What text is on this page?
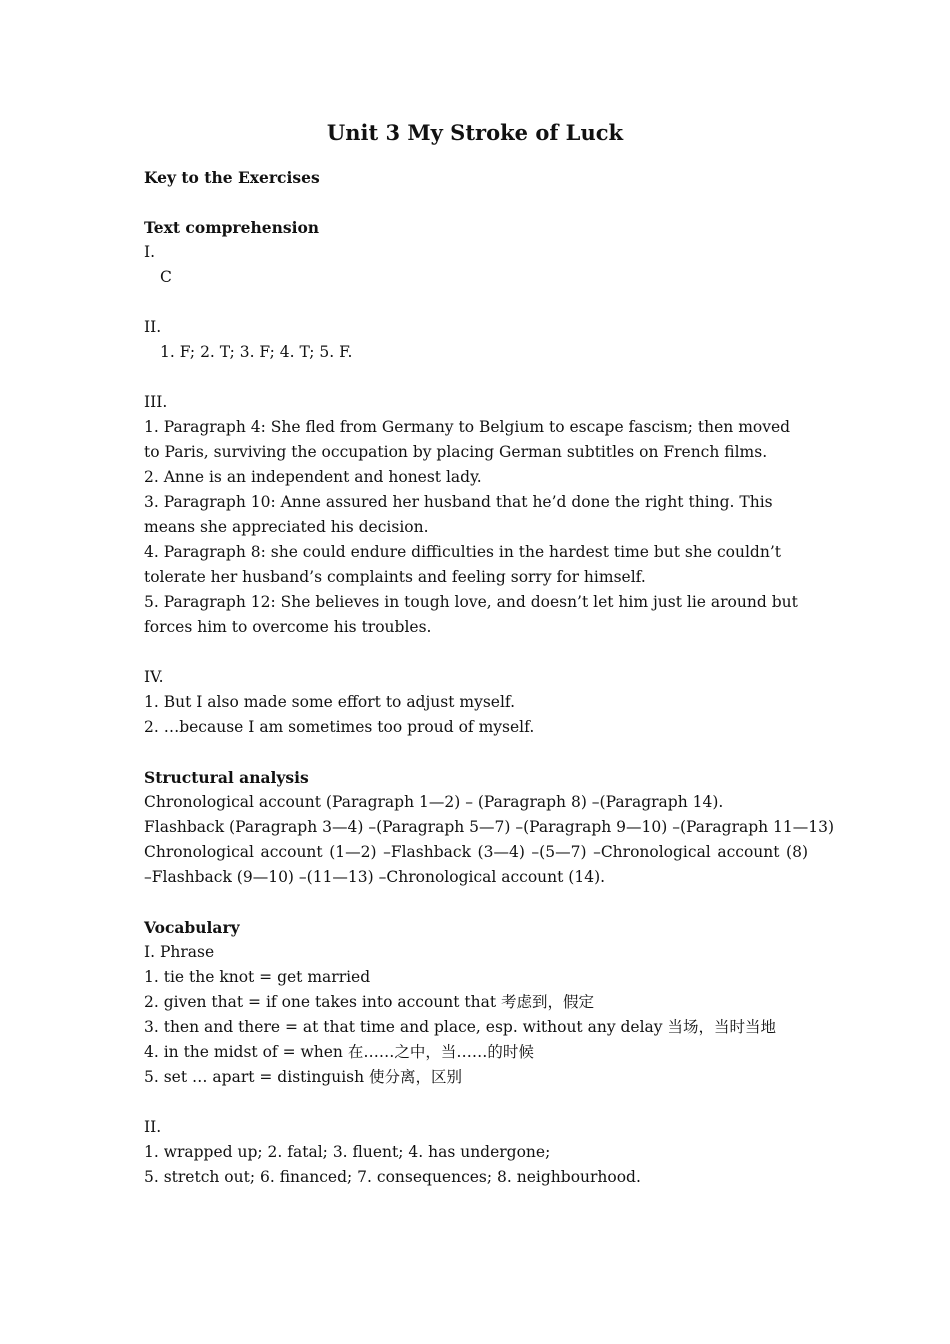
Unit 3 My Stroke of Luck
Key to the Exercises
Text comprehension
I.
C
II.
1. F; 2. T; 3. F; 4. T; 5. F.
III.
1. Paragraph 4: She fled from Germany to Belgium to escape fascism; then moved to Paris, surviving the occupation by placing German subtitles on French films.
2. Anne is an independent and honest lady.
3. Paragraph 10: Anne assured her husband that he’d done the right thing. This means she appreciated his decision.
4. Paragraph 8: she could endure difficulties in the hardest time but she couldn’t tolerate her husband’s complaints and feeling sorry for himself.
5. Paragraph 12: She believes in tough love, and doesn’t let him just lie around but forces him to overcome his troubles.
IV.
1. But I also made some effort to adjust myself.
2. …because I am sometimes too proud of myself.
Structural analysis
Chronological account (Paragraph 1—2) – (Paragraph 8) –(Paragraph 14).
Flashback (Paragraph 3—4) –(Paragraph 5—7) –(Paragraph 9—10) –(Paragraph 11—13)
Chronological account (1—2) –Flashback (3—4) –(5—7) –Chronological account (8)
–Flashback (9—10) –(11—13) –Chronological account (14).
Vocabulary
I. Phrase
1. tie the knot = get married
2. given that = if one takes into account that 考虑到，假定
3. then and there = at that time and place, esp. without any delay 当场，当时当地
4. in the midst of = when 在……之中，当……的时候
5. set … apart = distinguish 使分离，区别
II.
1. wrapped up; 2. fatal; 3. fluent; 4. has undergone;
5. stretch out; 6. financed; 7. consequences; 8. neighbourhood.
